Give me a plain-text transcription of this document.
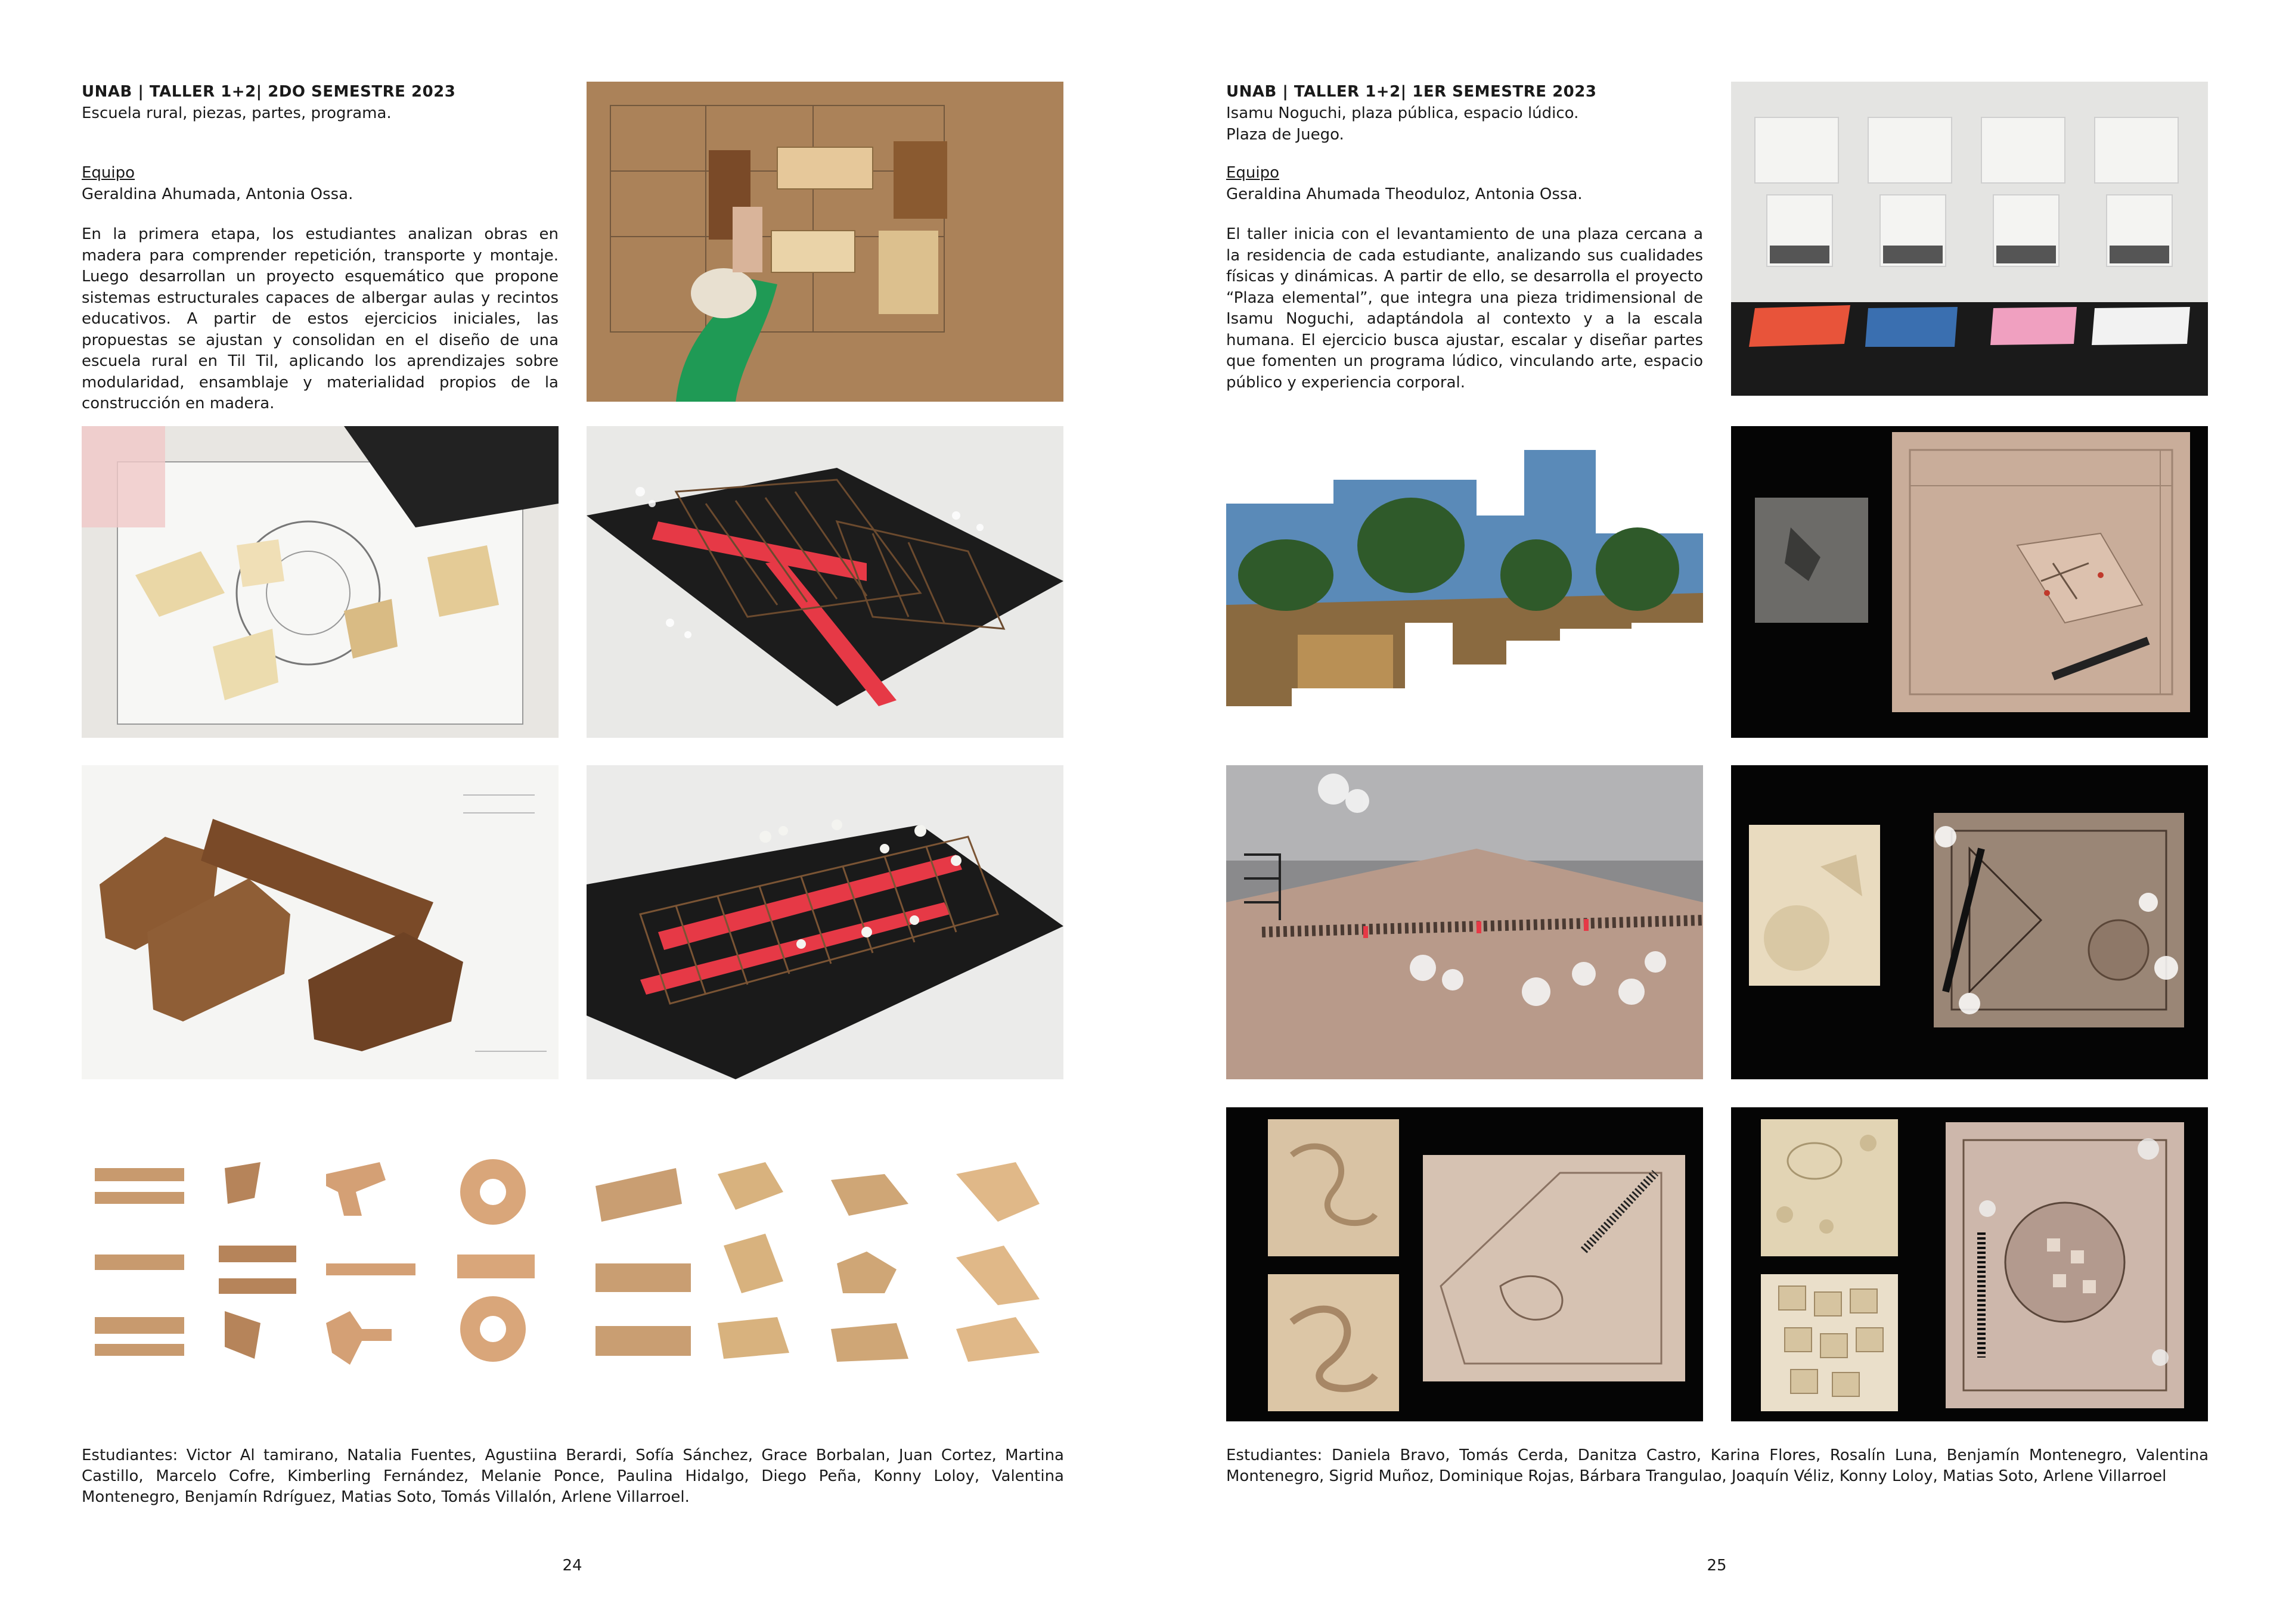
UNAB | TALLER 1+2| 2DO SEMESTRE 2023
Escuela rural, piezas, partes, programa.
Equipo
Geraldina Ahumada, Antonia Ossa.

En la primera etapa, los estudiantes analizan obras en madera para comprender repetición, transporte y montaje. Luego desarrollan un proyecto esquemático que propone sistemas estructurales capaces de albergar aulas y recintos educativos. A partir de estos ejercicios iniciales, las propuestas se ajustan y consolidan en el diseño de una escuela rural en Til Til, aplicando los aprendizajes sobre modularidad, ensamblaje y materialidad propios de la construcción en madera.

Estudiantes: Victor Al tamirano, Natalia Fuentes, Agustiina Berardi, Sofía Sánchez, Grace Borbalan, Juan Cortez, Martina Castillo, Marcelo Cofre, Kimberling Fernández, Melanie Ponce, Paulina Hidalgo, Diego Peña, Konny Loloy, Valentina Montenegro, Benjamín Rdríguez, Matias Soto, Tomás Villalón, Arlene Villarroel.
24
UNAB | TALLER 1+2| 1ER SEMESTRE 2023
Isamu Noguchi, plaza pública, espacio lúdico.
Plaza de Juego.
Equipo
Geraldina Ahumada Theoduloz, Antonia Ossa.

El taller inicia con el levantamiento de una plaza cercana a la residencia de cada estudiante, analizando sus cualidades físicas y dinámicas. A partir de ello, se desarrolla el proyecto “Plaza elemental”, que integra una pieza tridimensional de Isamu Noguchi, adaptándola al contexto y a la escala humana. El ejercicio busca ajustar, escalar y diseñar partes que fomenten un programa lúdico, vinculando arte, espacio público y experiencia corporal.

Estudiantes: Daniela Bravo, Tomás Cerda, Danitza Castro, Karina Flores, Rosalín Luna, Benjamín Montenegro, Valentina Montenegro, Sigrid Muñoz, Dominique Rojas, Bárbara Trangulao, Joaquín Véliz, Konny Loloy, Matias Soto, Arlene Villarroel
25
